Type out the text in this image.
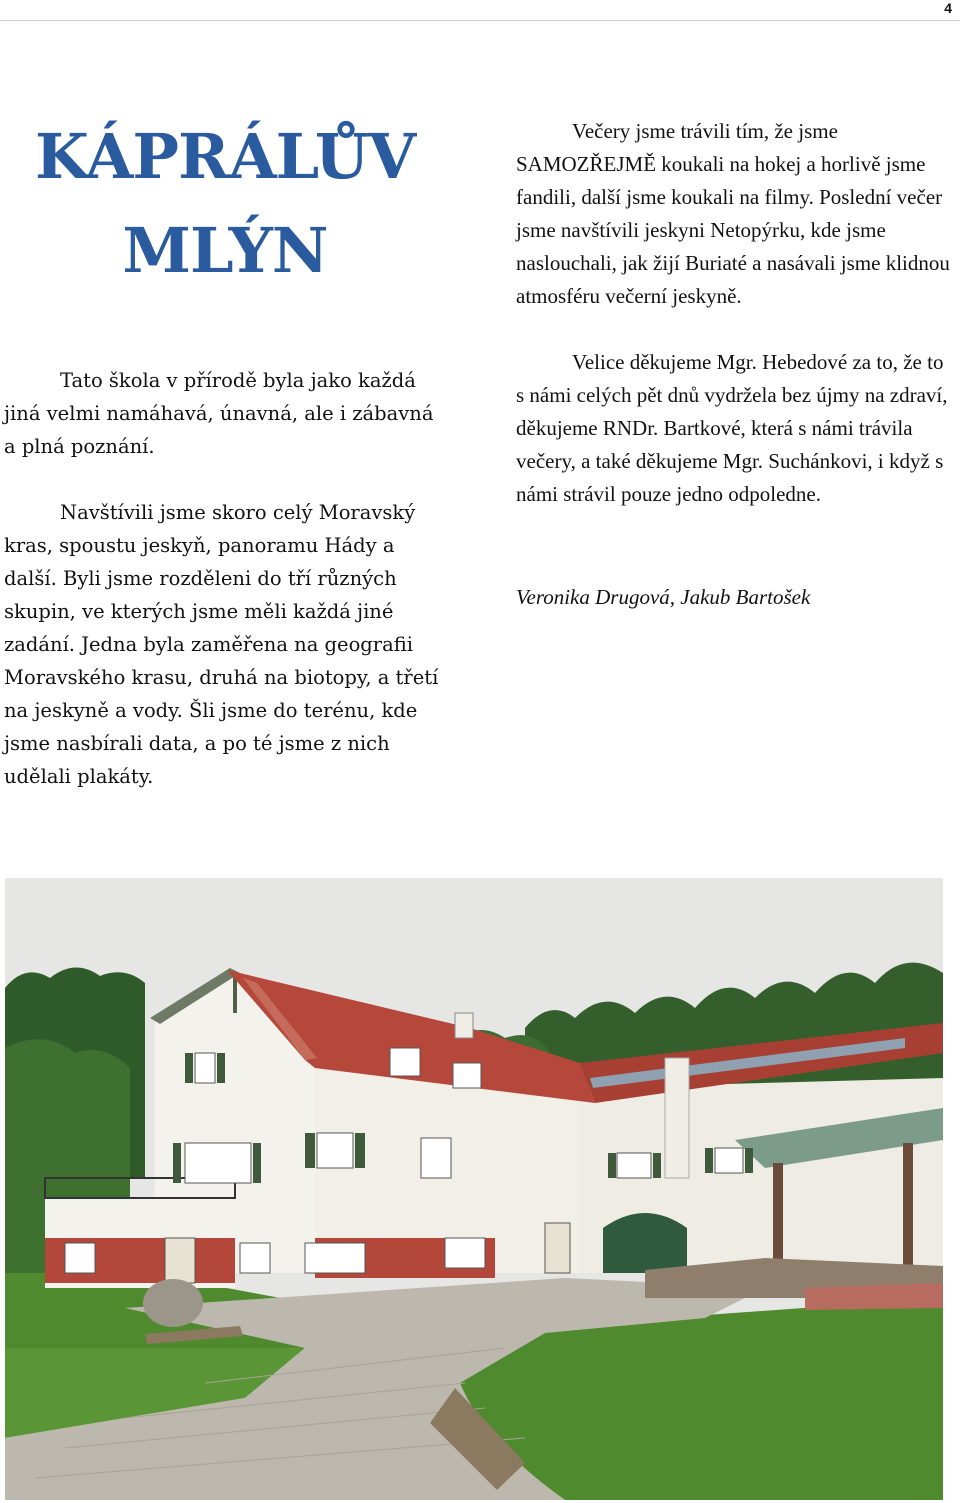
4
KÁPRÁLŮV
MLÝN

Tato škola v přírodě byla jako každá jiná velmi namáhavá, únavná, ale i zábavná a plná poznání.

Navštívili jsme skoro celý Moravský kras, spoustu jeskyň, panoramu Hády a další. Byli jsme rozděleni do tří různých skupin, ve kterých jsme měli každá jiné zadání. Jedna byla zaměřena na geografii Moravského krasu, druhá na biotopy, a třetí na jeskyně a vody. Šli jsme do terénu, kde jsme nasbírali data, a po té jsme z nich udělali plakáty.

Večery jsme trávili tím, že jsme SAMOZŘEJMĚ koukali na hokej a horlivě jsme fandili, další jsme koukali na filmy. Poslední večer jsme navštívili jeskyni Netopýrku, kde jsme naslouchali, jak žijí Buriaté a nasávali jsme klidnou atmosféru večerní jeskyně.

Velice děkujeme Mgr. Hebedové za to, že to s námi celých pět dnů vydržela bez újmy na zdraví, děkujeme RNDr. Bartkové, která s námi trávila večery, a také děkujeme Mgr. Suchánkovi, i když s námi strávil pouze jedno odpoledne.

Veronika Drugová, Jakub Bartošek
